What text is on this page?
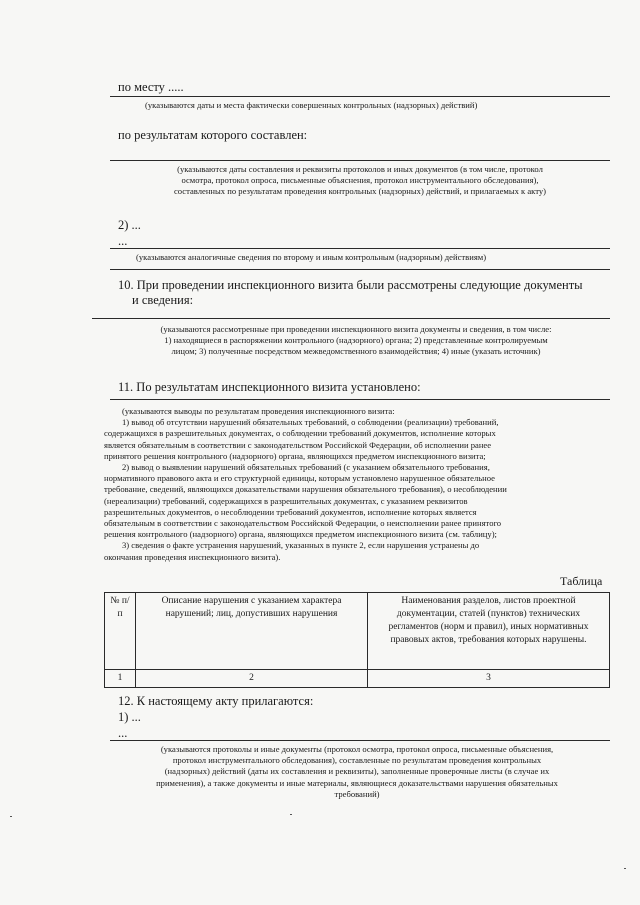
по месту .....
(указываются даты и места фактически совершенных контрольных (надзорных) действий)
по результатам которого составлен:
(указываются даты составления и реквизиты протоколов и иных документов (в том числе, протокол
осмотра, протокол опроса, письменные объяснения, протокол инструментального обследования),
составленных по результатам проведения контрольных (надзорных) действий, и прилагаемых к акту)
2) ...
...
(указываются аналогичные сведения по второму и иным контрольным (надзорным) действиям)
10. При проведении инспекционного визита были рассмотрены следующие документы
и сведения:
(указываются рассмотренные при проведении инспекционного визита документы и сведения, в том числе:
1) находящиеся в распоряжении контрольного (надзорного) органа; 2) представленные контролируемым
лицом; 3) полученные посредством межведомственного взаимодействия; 4) иные (указать источник)
11. По результатам инспекционного визита установлено:
(указываются выводы по результатам проведения инспекционного визита:
1) вывод об отсутствии нарушений обязательных требований, о соблюдении (реализации) требований,
содержащихся в разрешительных документах, о соблюдении требований документов, исполнение которых
является обязательным в соответствии с законодательством Российской Федерации, об исполнении ранее
принятого решения контрольного (надзорного) органа, являющихся предметом инспекционного визита;
2) вывод о выявлении нарушений обязательных требований (с указанием обязательного требования,
нормативного правового акта и его структурной единицы, которым установлено нарушенное обязательное
требование, сведений, являющихся доказательствами нарушения обязательного требования), о несоблюдении
(нереализации) требований, содержащихся в разрешительных документах, с указанием реквизитов
разрешительных документов, о несоблюдении требований документов, исполнение которых является
обязательным в соответствии с законодательством Российской Федерации, о неисполнении ранее принятого
решения контрольного (надзорного) органа, являющихся предметом инспекционного визита (см. таблицу);
3) сведения о факте устранения нарушений, указанных в пункте 2, если нарушения устранены до
окончания проведения инспекционного визита).
Таблица
№ п/п	Описание нарушения с указанием характера нарушений; лиц, допустивших нарушения	Наименования разделов, листов проектной документации, статей (пунктов) технических регламентов (норм и правил), иных нормативных правовых актов, требования которых нарушены.
1	2	3
12. К настоящему акту прилагаются:
1) ...
...
(указываются протоколы и иные документы (протокол осмотра, протокол опроса, письменные объяснения,
протокол инструментального обследования), составленные по результатам проведения контрольных
(надзорных) действий (даты их составления и реквизиты), заполненные проверочные листы (в случае их
применения), а также документы и иные материалы, являющиеся доказательствами нарушения обязательных
требований)
